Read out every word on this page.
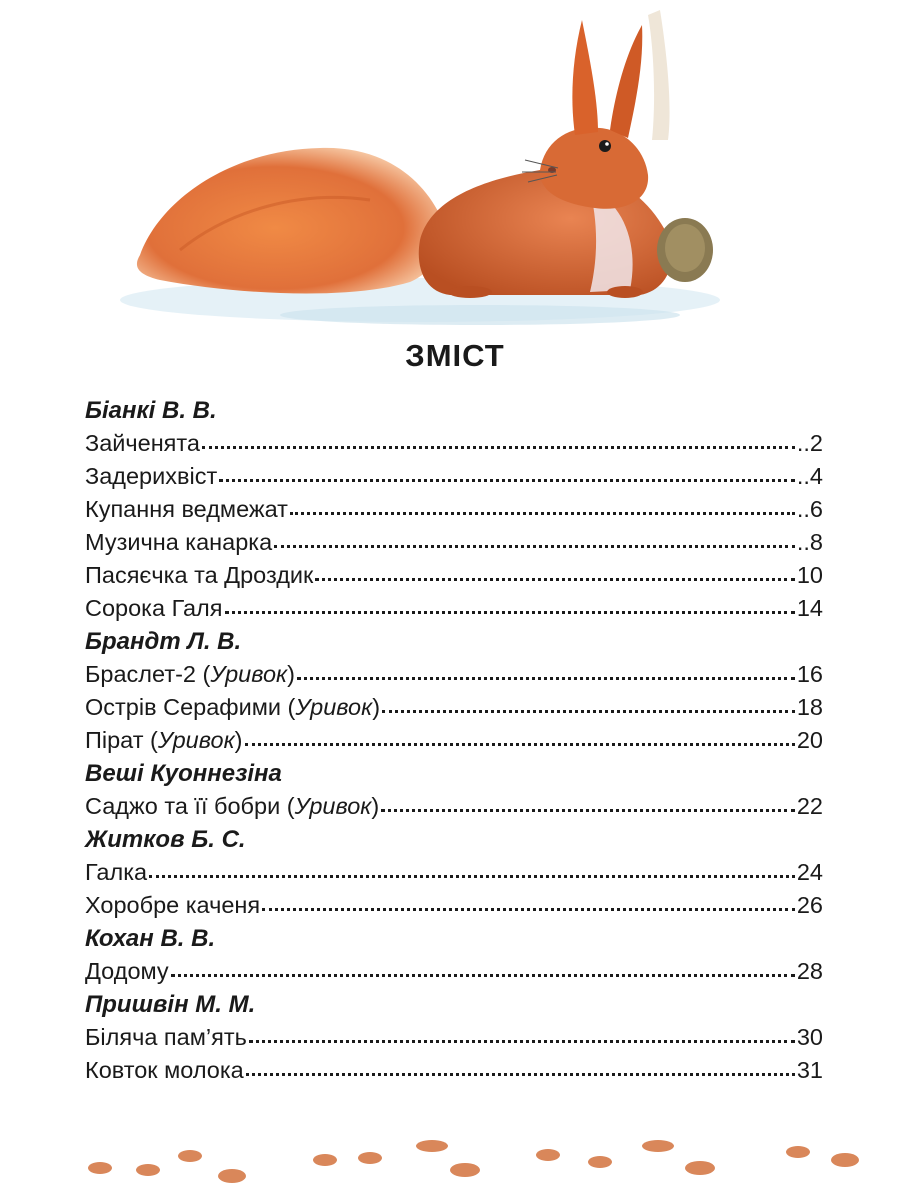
ЗМІСТ
Біанкі В. В.
Зайченята	..2
Задерихвіст	..4
Купання ведмежат	..6
Музична канарка	..8
Пасяєчка та Дроздик	10
Сорока Галя	14
Брандт Л. В.
Браслет-2 (Уривок)	16
Острів Серафими (Уривок)	18
Пірат (Уривок)	20
Веші Куоннезіна
Саджо та її бобри (Уривок)	22
Житков Б. С.
Галка	24
Хоробре каченя	26
Кохан В. В.
Додому	28
Пришвін М. М.
Біляча пам’ять	30
Ковток молока	31
